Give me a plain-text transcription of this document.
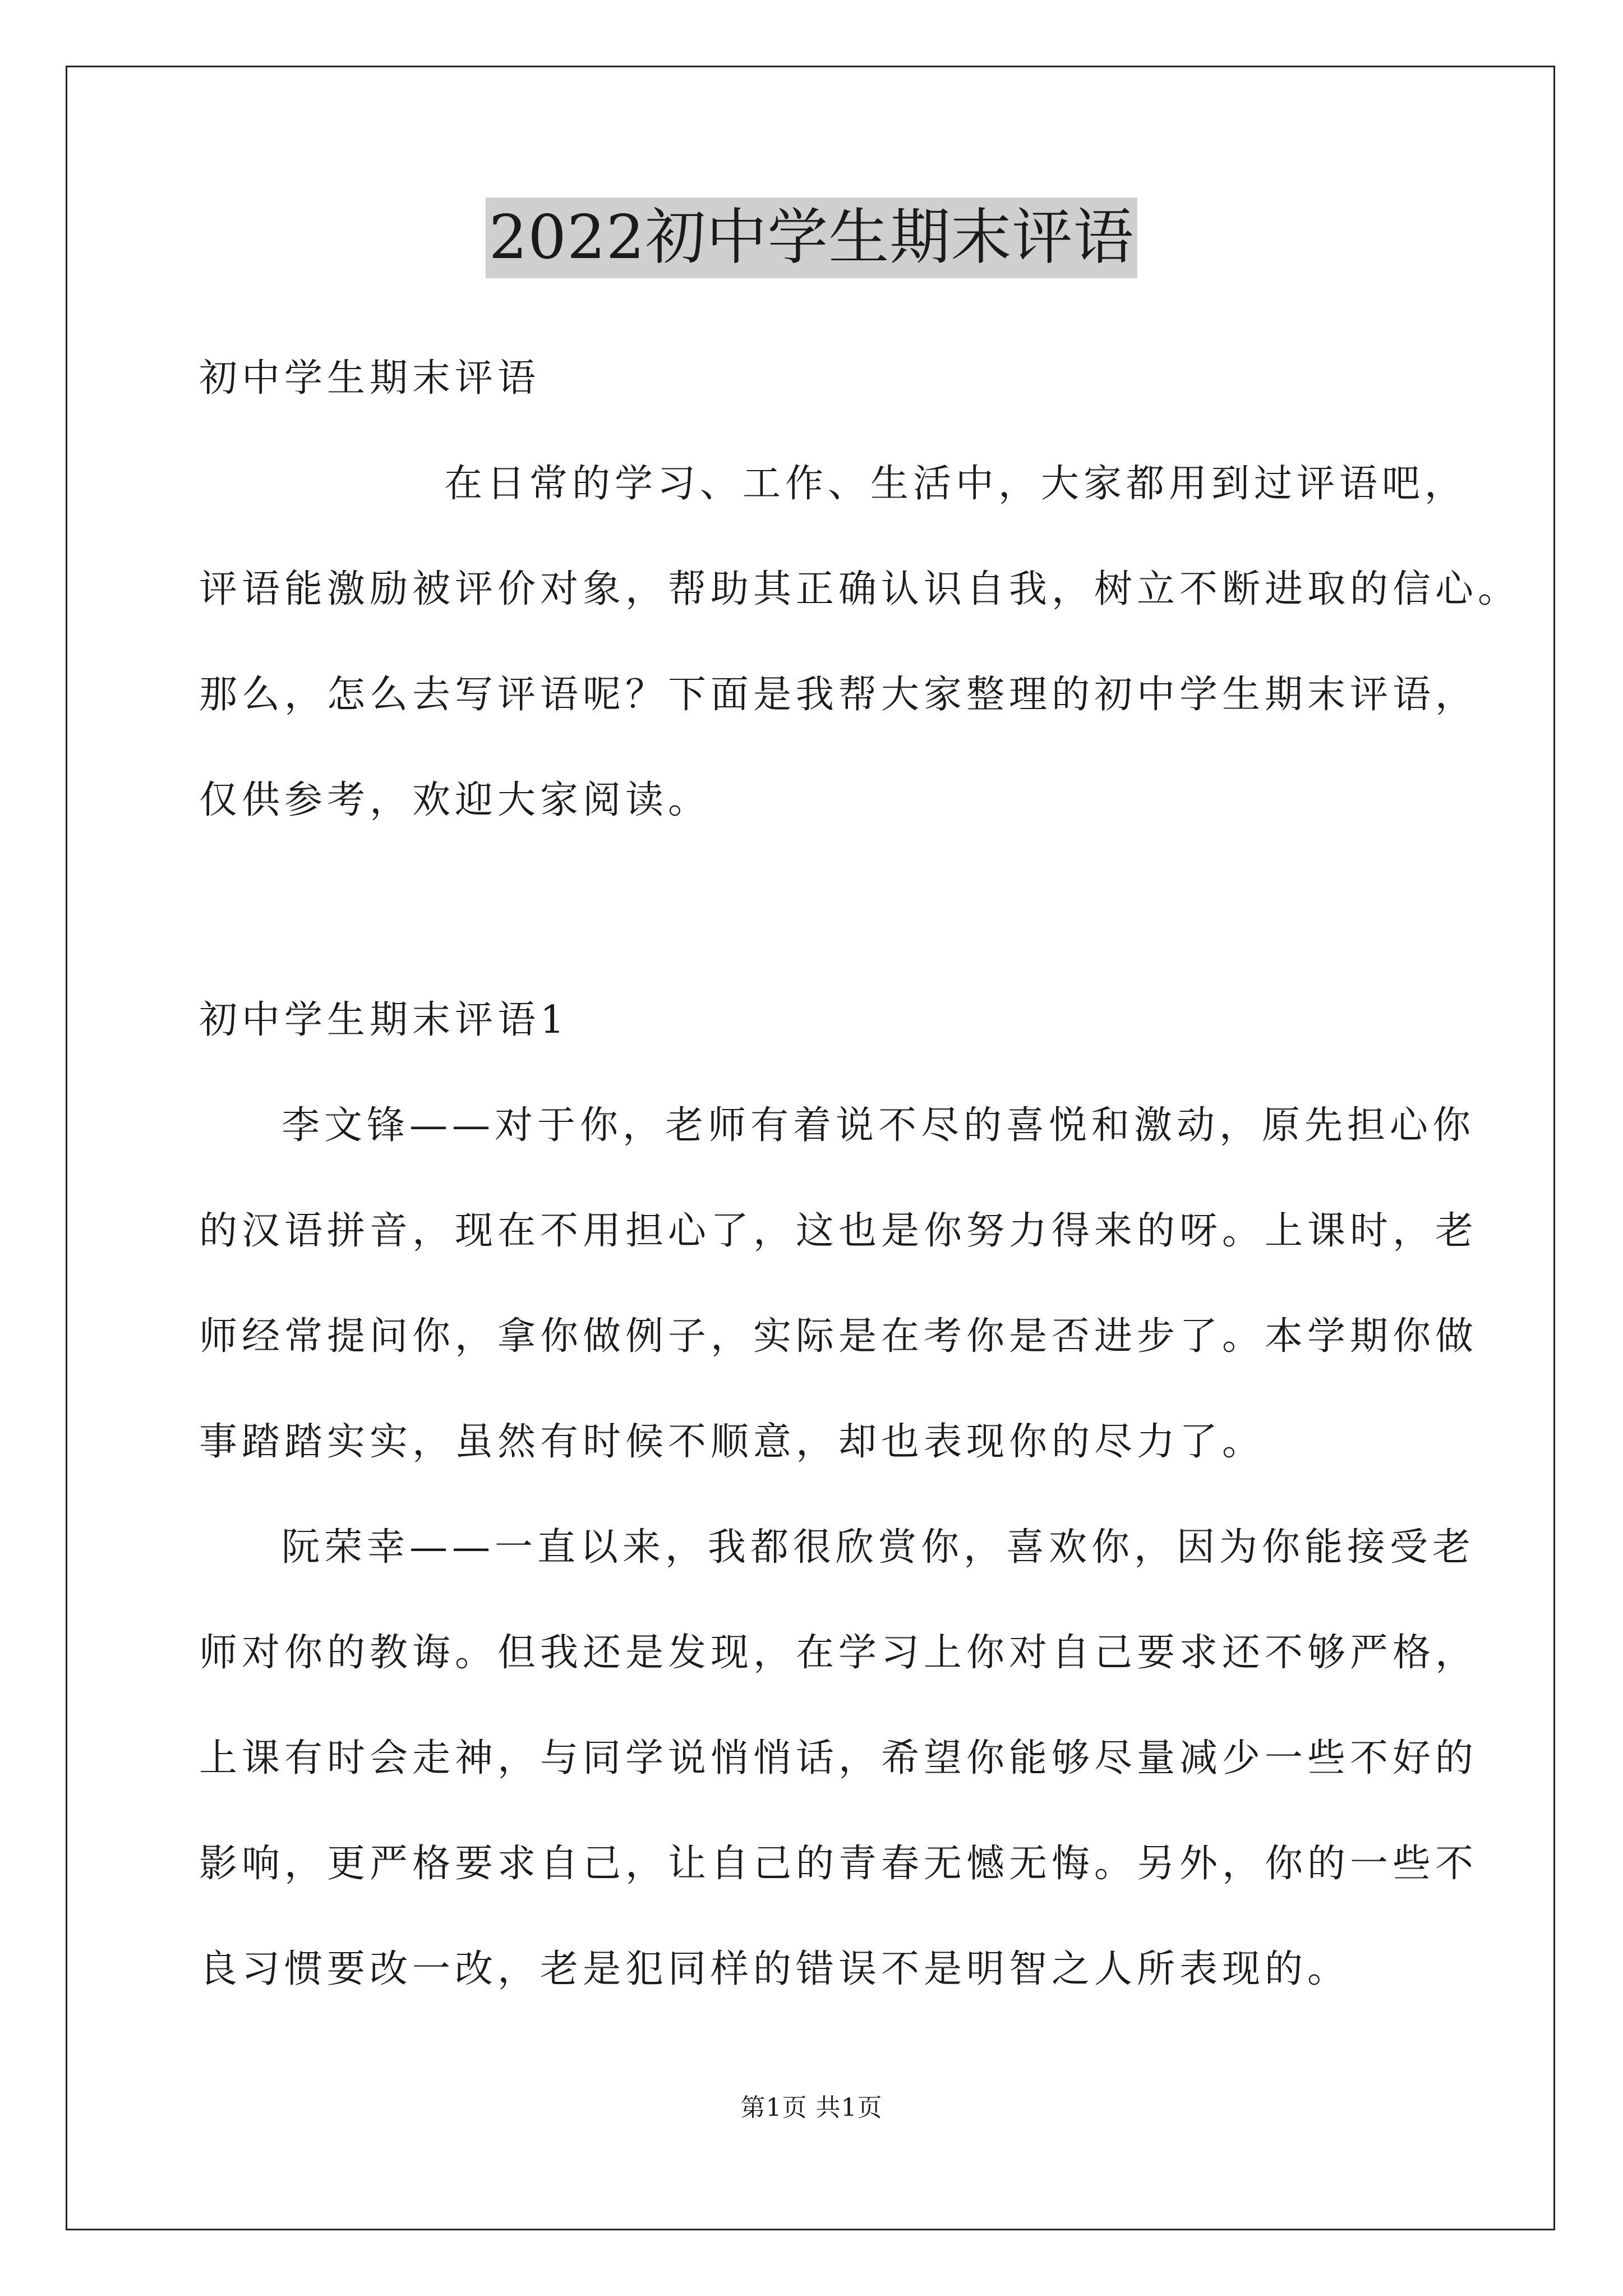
2022初中学生期末评语
初中学生期末评语
在日常的学习、工作、生活中，大家都用到过评语吧，
评语能激励被评价对象，帮助其正确认识自我，树立不断进取的信心。
那么，怎么去写评语呢？下面是我帮大家整理的初中学生期末评语，
仅供参考，欢迎大家阅读。
初中学生期末评语1
李文锋——对于你，老师有着说不尽的喜悦和激动，原先担心你
的汉语拼音，现在不用担心了，这也是你努力得来的呀。上课时，老
师经常提问你，拿你做例子，实际是在考你是否进步了。本学期你做
事踏踏实实，虽然有时候不顺意，却也表现你的尽力了。
阮荣幸——一直以来，我都很欣赏你，喜欢你，因为你能接受老
师对你的教诲。但我还是发现，在学习上你对自己要求还不够严格，
上课有时会走神，与同学说悄悄话，希望你能够尽量减少一些不好的
影响，更严格要求自己，让自己的青春无憾无悔。另外，你的一些不
良习惯要改一改，老是犯同样的错误不是明智之人所表现的。
第1页 共1页
